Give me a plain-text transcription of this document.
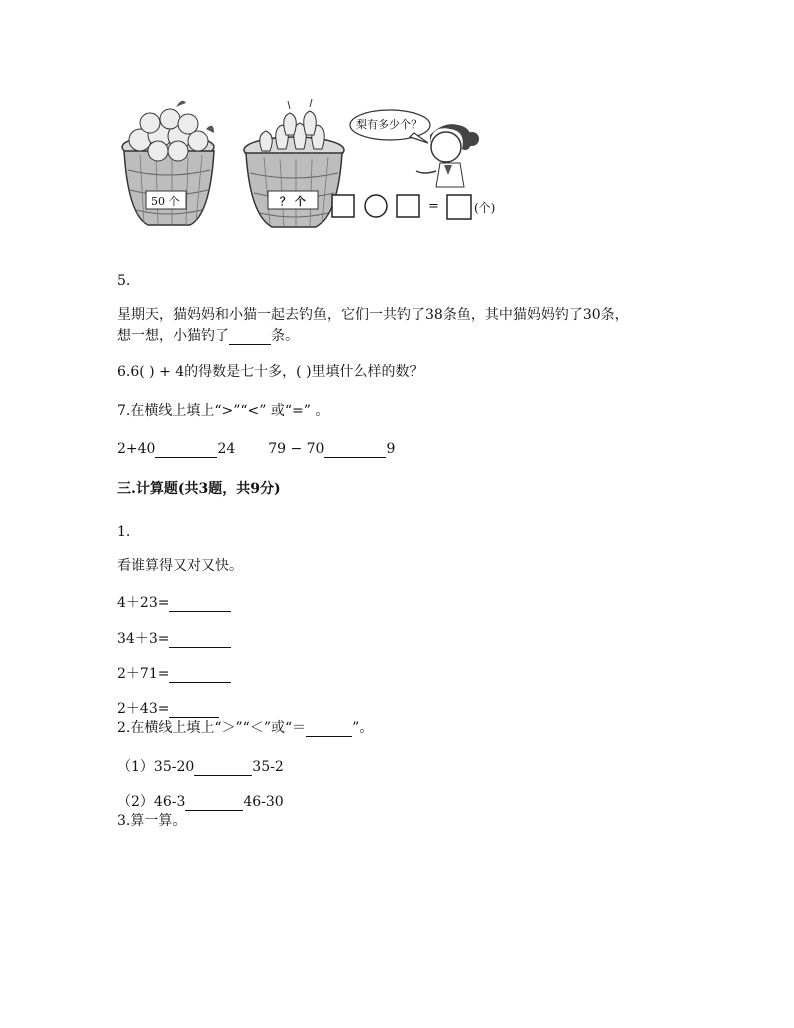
50 个	？ 个
梨有多少个？
=	(个)
5.
星期天，猫妈妈和小猫一起去钓鱼，它们一共钓了38条鱼，其中猫妈妈钓了30条，
想一想，小猫钓了	条。
6.6( ) + 4的得数是七十多，( )里填什么样的数？
7.在横线上填上“>”“<” 或“=” 。
2+40	24 79 − 70	9
三.计算题(共3题，共9分)
1.
看谁算得又对又快。
4＋23=
34＋3=
2＋71=
2＋43=
2.在横线上填上“＞”“＜”或“＝	”。
（1）35-20	35-2
（2）46-3	46-30
3.算一算。
